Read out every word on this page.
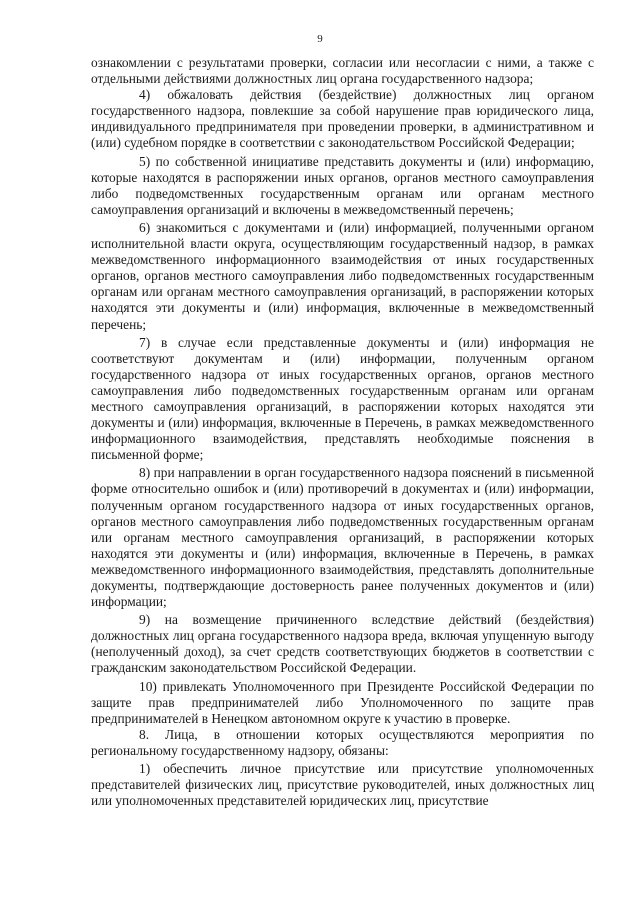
9

ознакомлении с результатами проверки, согласии или несогласии с ними, а также с отдельными действиями должностных лиц органа государственного надзора;

4) обжаловать действия (бездействие) должностных лиц органом государственного надзора, повлекшие за собой нарушение прав юридического лица, индивидуального предпринимателя при проведении проверки, в административном и (или) судебном порядке в соответствии с законодательством Российской Федерации;

5) по собственной инициативе представить документы и (или) информацию, которые находятся в распоряжении иных органов, органов местного самоуправления либо подведомственных государственным органам или органам местного самоуправления организаций и включены в межведомственный перечень;

6) знакомиться с документами и (или) информацией, полученными органом исполнительной власти округа, осуществляющим государственный надзор, в рамках межведомственного информационного взаимодействия от иных государственных органов, органов местного самоуправления либо подведомственных государственным органам или органам местного самоуправления организаций, в распоряжении которых находятся эти документы и (или) информация, включенные в межведомственный перечень;

7) в случае если представленные документы и (или) информация не соответствуют документам и (или) информации, полученным органом государственного надзора от иных государственных органов, органов местного самоуправления либо подведомственных государственным органам или органам местного самоуправления организаций, в распоряжении которых находятся эти документы и (или) информация, включенные в Перечень, в рамках межведомственного информационного взаимодействия, представлять необходимые пояснения в письменной форме;

8) при направлении в орган государственного надзора пояснений в письменной форме относительно ошибок и (или) противоречий в документах и (или) информации, полученным органом государственного надзора от иных государственных органов, органов местного самоуправления либо подведомственных государственным органам или органам местного самоуправления организаций, в распоряжении которых находятся эти документы и (или) информация, включенные в Перечень, в рамках межведомственного информационного взаимодействия, представлять дополнительные документы, подтверждающие достоверность ранее полученных документов и (или) информации;

9) на возмещение причиненного вследствие действий (бездействия) должностных лиц органа государственного надзора вреда, включая упущенную выгоду (неполученный доход), за счет средств соответствующих бюджетов в соответствии с гражданским законодательством Российской Федерации.

10) привлекать Уполномоченного при Президенте Российской Федерации по защите прав предпринимателей либо Уполномоченного по защите прав предпринимателей в Ненецком автономном округе к участию в проверке.

8. Лица, в отношении которых осуществляются мероприятия по региональному государственному надзору, обязаны:

1) обеспечить личное присутствие или присутствие уполномоченных представителей физических лиц, присутствие руководителей, иных должностных лиц или уполномоченных представителей юридических лиц, присутствие
